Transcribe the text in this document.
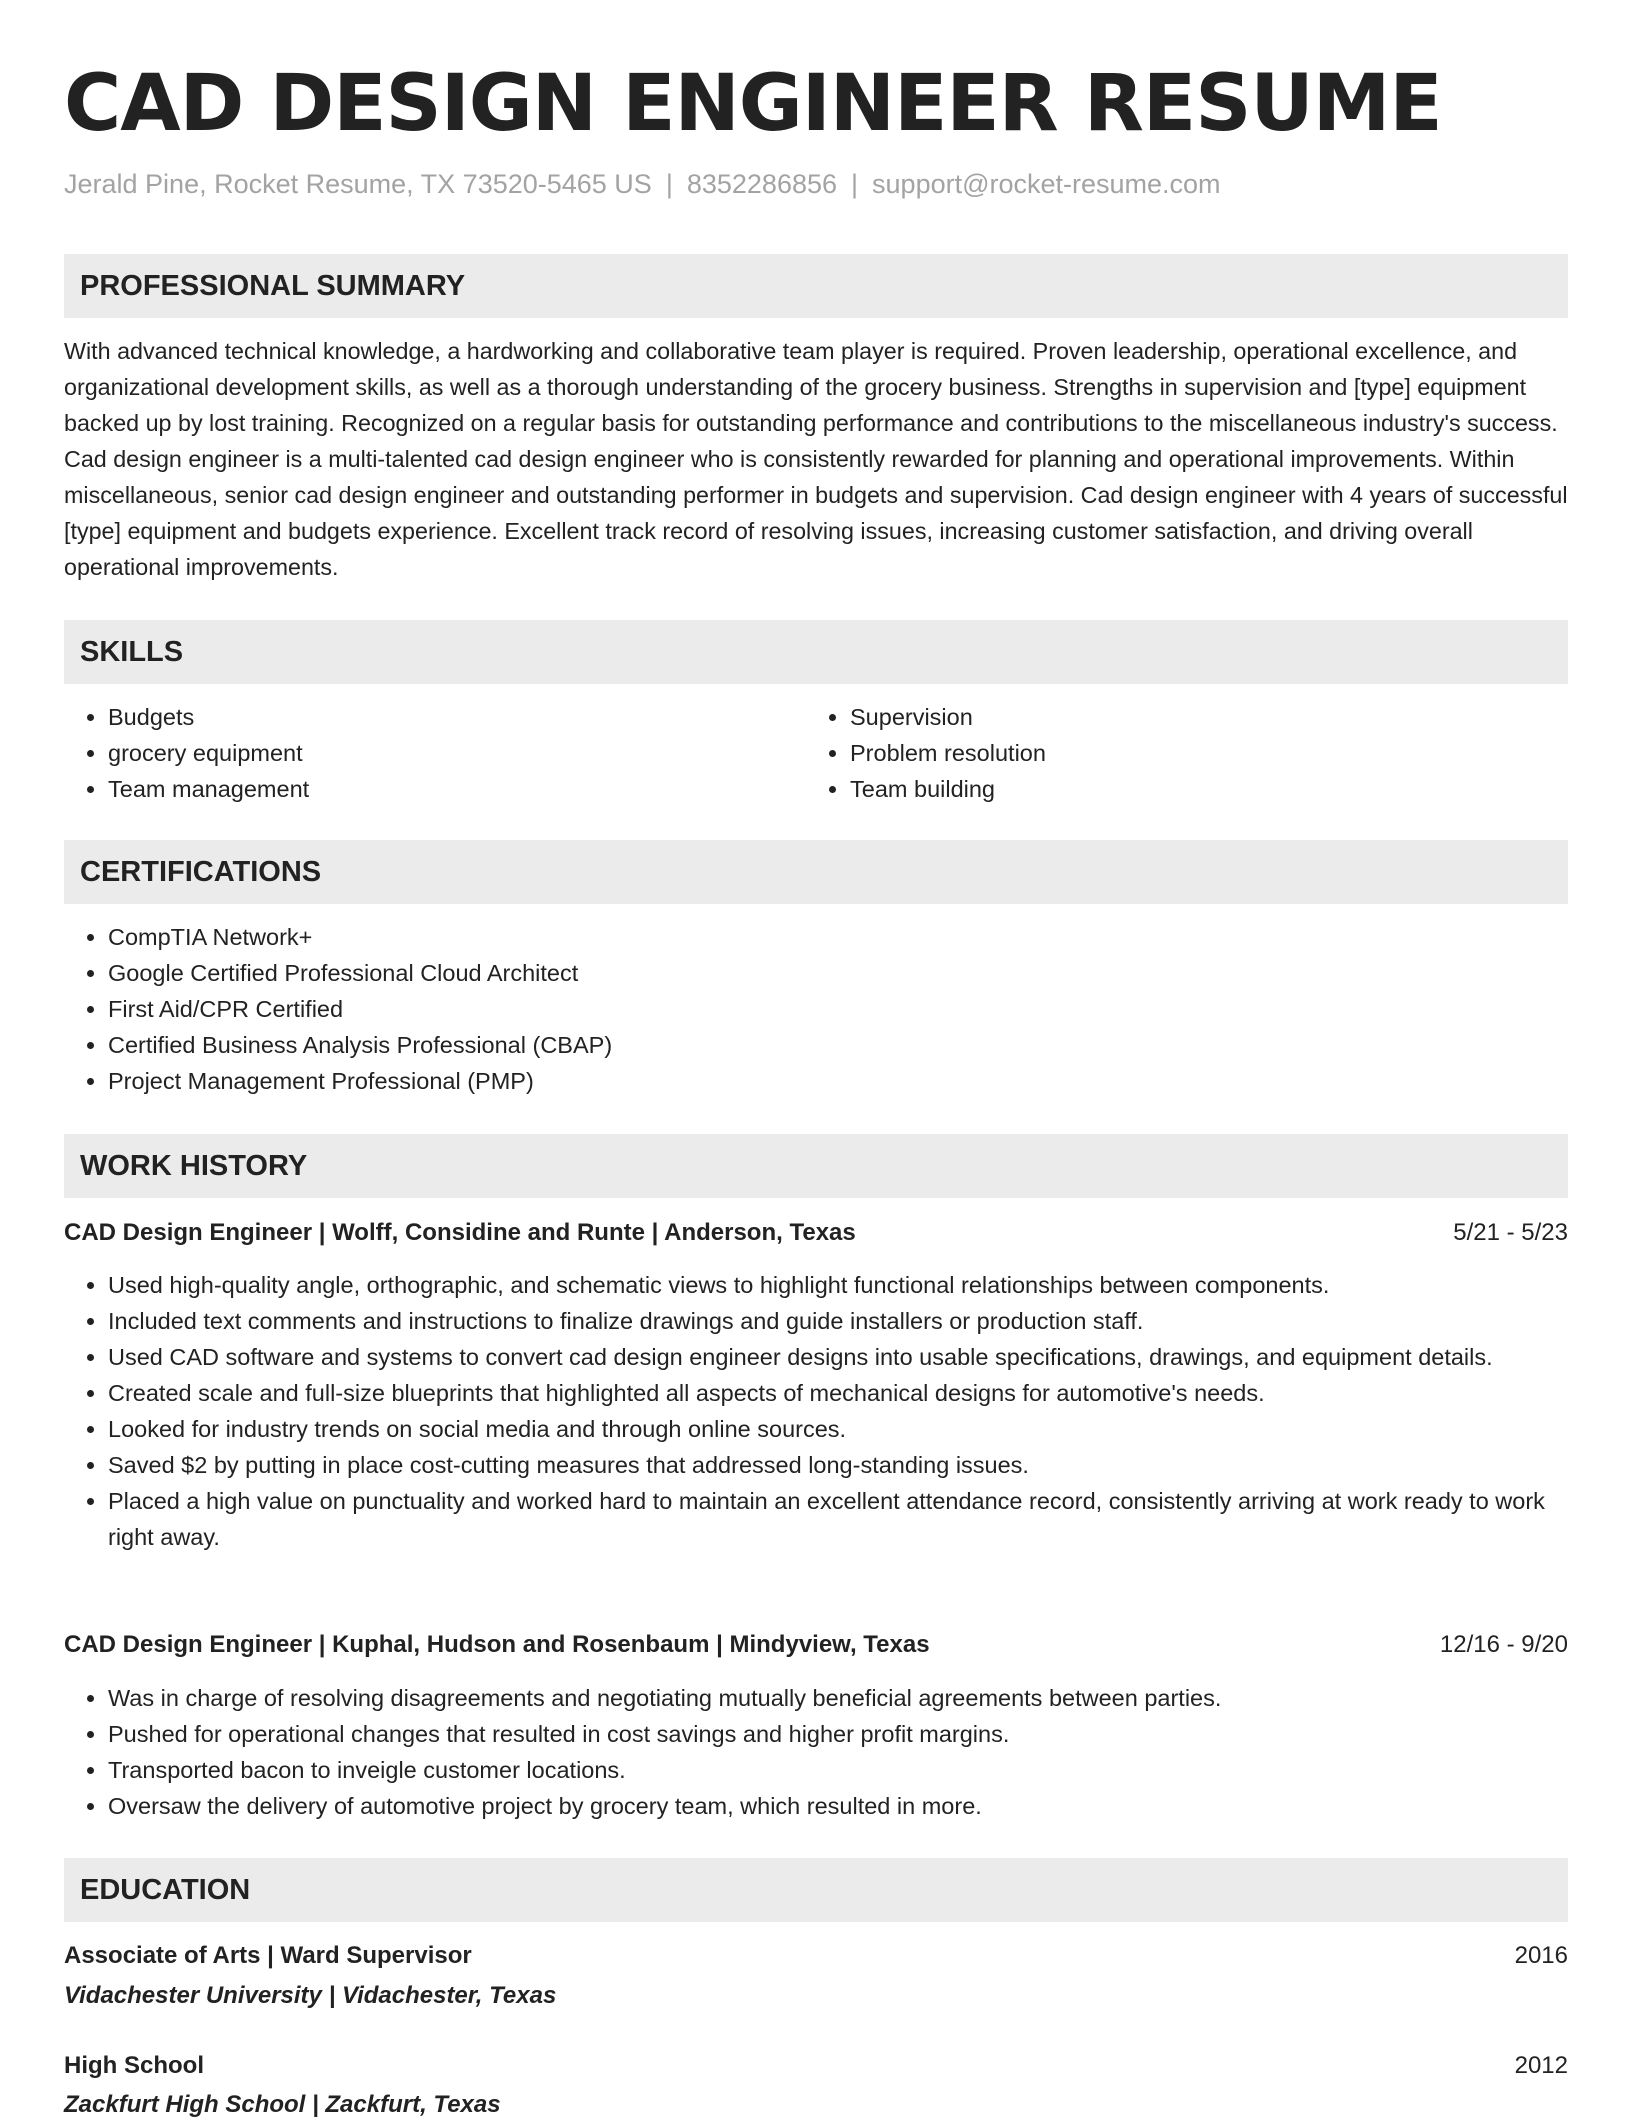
CAD DESIGN ENGINEER RESUME
Jerald Pine, Rocket Resume, TX 73520-5465 US | 8352286856 | support@rocket-resume.com
PROFESSIONAL SUMMARY

With advanced technical knowledge, a hardworking and collaborative team player is required. Proven leadership, operational excellence, and organizational development skills, as well as a thorough understanding of the grocery business. Strengths in supervision and [type] equipment backed up by lost training. Recognized on a regular basis for outstanding performance and contributions to the miscellaneous industry's success. Cad design engineer is a multi-talented cad design engineer who is consistently rewarded for planning and operational improvements. Within miscellaneous, senior cad design engineer and outstanding performer in budgets and supervision. Cad design engineer with 4 years of successful [type] equipment and budgets experience. Excellent track record of resolving issues, increasing customer satisfaction, and driving overall operational improvements.

SKILLS
• Budgets
• grocery equipment
• Team management
• Supervision
• Problem resolution
• Team building
CERTIFICATIONS
• CompTIA Network+
• Google Certified Professional Cloud Architect
• First Aid/CPR Certified
• Certified Business Analysis Professional (CBAP)
• Project Management Professional (PMP)
WORK HISTORY
CAD Design Engineer | Wolff, Considine and Runte | Anderson, Texas	5/21 - 5/23
• Used high-quality angle, orthographic, and schematic views to highlight functional relationships between components.
• Included text comments and instructions to finalize drawings and guide installers or production staff.
• Used CAD software and systems to convert cad design engineer designs into usable specifications, drawings, and equipment details.
• Created scale and full-size blueprints that highlighted all aspects of mechanical designs for automotive's needs.
• Looked for industry trends on social media and through online sources.
• Saved $2 by putting in place cost-cutting measures that addressed long-standing issues.
• Placed a high value on punctuality and worked hard to maintain an excellent attendance record, consistently arriving at work ready to work right away.
CAD Design Engineer | Kuphal, Hudson and Rosenbaum | Mindyview, Texas	12/16 - 9/20
• Was in charge of resolving disagreements and negotiating mutually beneficial agreements between parties.
• Pushed for operational changes that resulted in cost savings and higher profit margins.
• Transported bacon to inveigle customer locations.
• Oversaw the delivery of automotive project by grocery team, which resulted in more.
EDUCATION
Associate of Arts | Ward Supervisor	2016
Vidachester University | Vidachester, Texas
High School	2012
Zackfurt High School | Zackfurt, Texas
